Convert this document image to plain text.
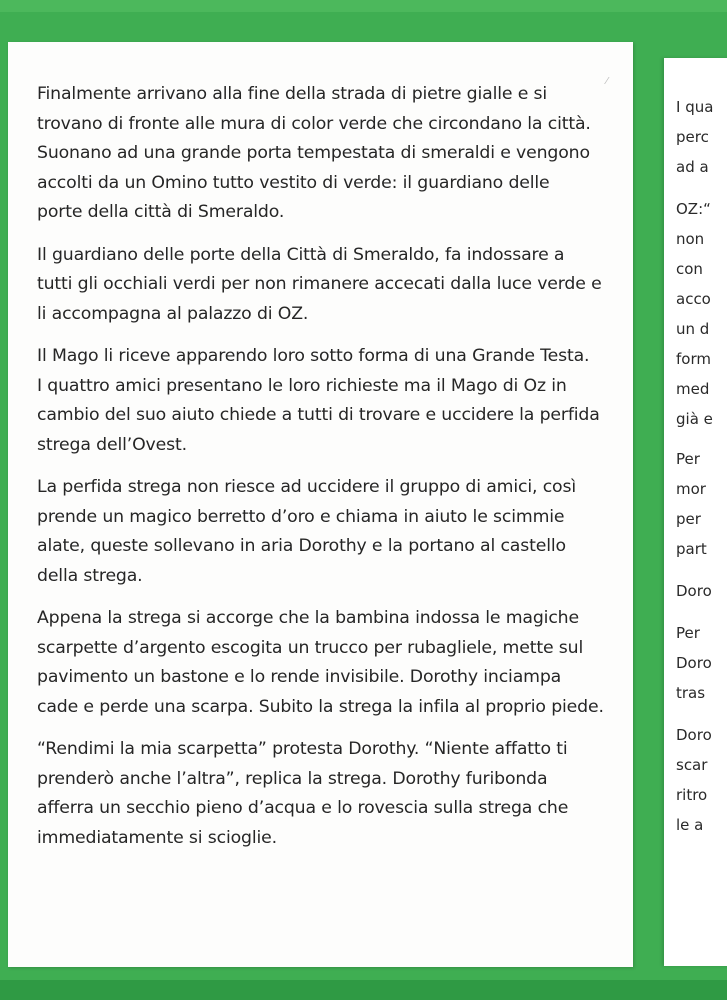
I qua
perc
ad a
OZ:“
non
con
acco
un d
form
med
già e
Per
mor
per
part
Doro
Per
Doro
tras
Doro
scar
ritro
le a
⁄

Finalmente arrivano alla fine della strada di pietre gialle e si
trovano di fronte alle mura di color verde che circondano la città.
Suonano ad una grande porta tempestata di smeraldi e vengono
accolti da un Omino tutto vestito di verde: il guardiano delle
porte della città di Smeraldo.

Il guardiano delle porte della Città di Smeraldo, fa indossare a
tutti gli occhiali verdi per non rimanere accecati dalla luce verde e
li accompagna al palazzo di OZ.

Il Mago li riceve apparendo loro sotto forma di una Grande Testa.
I quattro amici presentano le loro richieste ma il Mago di Oz in
cambio del suo aiuto chiede a tutti di trovare e uccidere la perfida
strega dell’Ovest.

La perfida strega non riesce ad uccidere il gruppo di amici, così
prende un magico berretto d’oro e chiama in aiuto le scimmie
alate, queste sollevano in aria Dorothy e la portano al castello
della strega.

Appena la strega si accorge che la bambina indossa le magiche
scarpette d’argento escogita un trucco per rubagliele, mette sul
pavimento un bastone e lo rende invisibile. Dorothy inciampa
cade e perde una scarpa. Subito la strega la infila al proprio piede.

“Rendimi la mia scarpetta” protesta Dorothy. “Niente affatto ti
prenderò anche l’altra”, replica la strega. Dorothy furibonda
afferra un secchio pieno d’acqua e lo rovescia sulla strega che
immediatamente si scioglie.
